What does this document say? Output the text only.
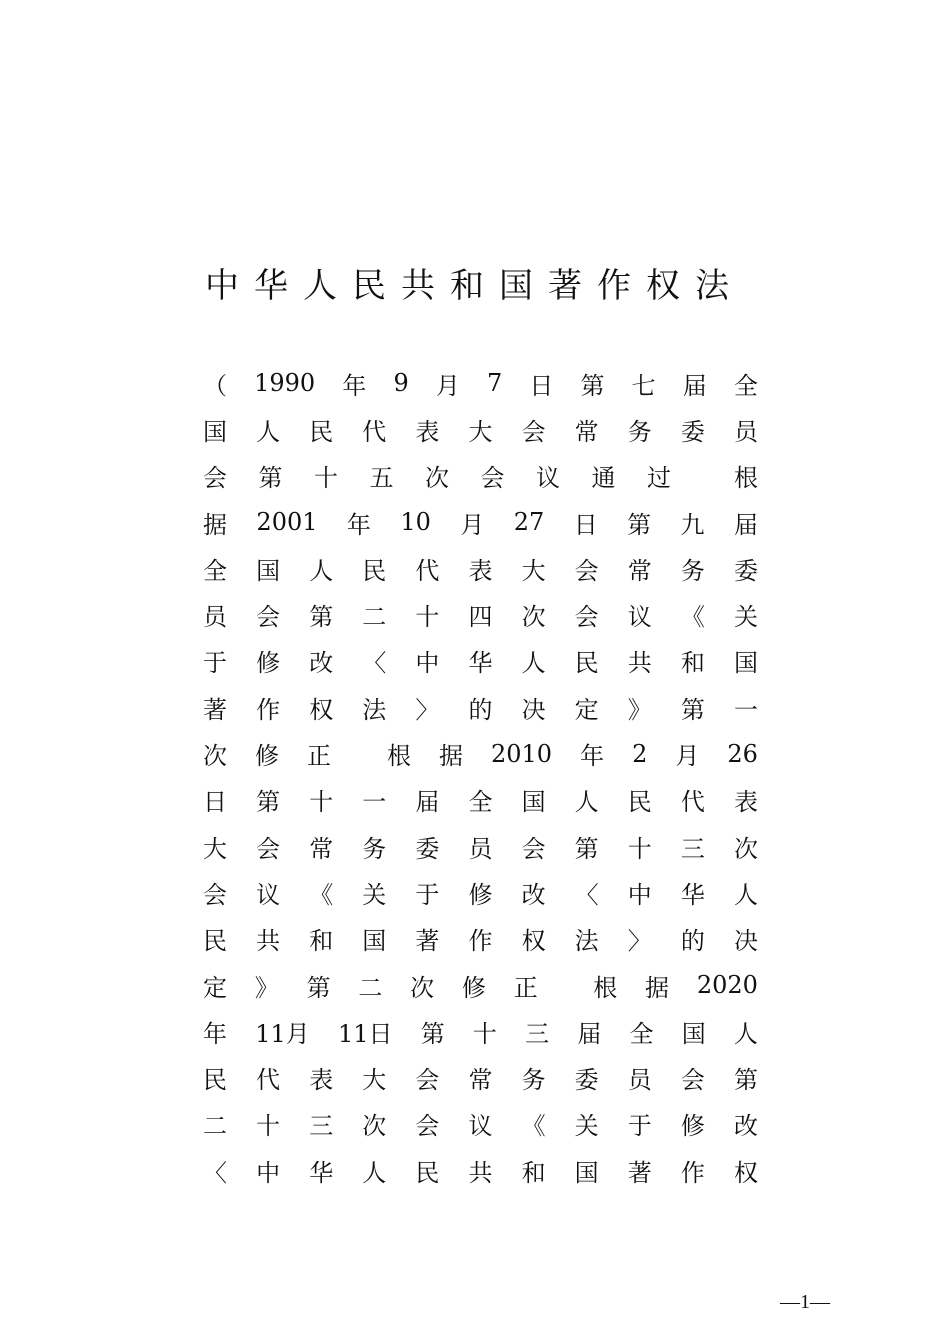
中华人民共和国著作权法
（ 1990 年 9 月 7 日 第 七 届 全
国 人 民 代 表 大 会 常 务 委 员
会 第 十 五 次 会 议 通 过	根
据 2001 年 10 月 27 日 第 九 届
全 国 人 民 代 表 大 会 常 务 委
员 会 第 二 十 四 次 会 议 《 关
于 修 改 〈 中 华 人 民 共 和 国
著 作 权 法 〉 的 决 定 》 第 一
次 修 正 根 据 2010 年 2 月 26
日 第 十 一 届 全 国 人 民 代 表
大 会 常 务 委 员 会 第 十 三 次
会 议 《 关 于 修 改 〈 中 华 人
民 共 和 国 著 作 权 法 〉 的 决
定 》 第 二 次 修 正 根 据 2020
年 11月 11日 第 十 三 届 全 国 人
民 代 表 大 会 常 务 委 员 会 第
二 十 三 次 会 议 《 关 于 修 改
〈 中 华 人 民 共 和 国 著 作 权
—1—
